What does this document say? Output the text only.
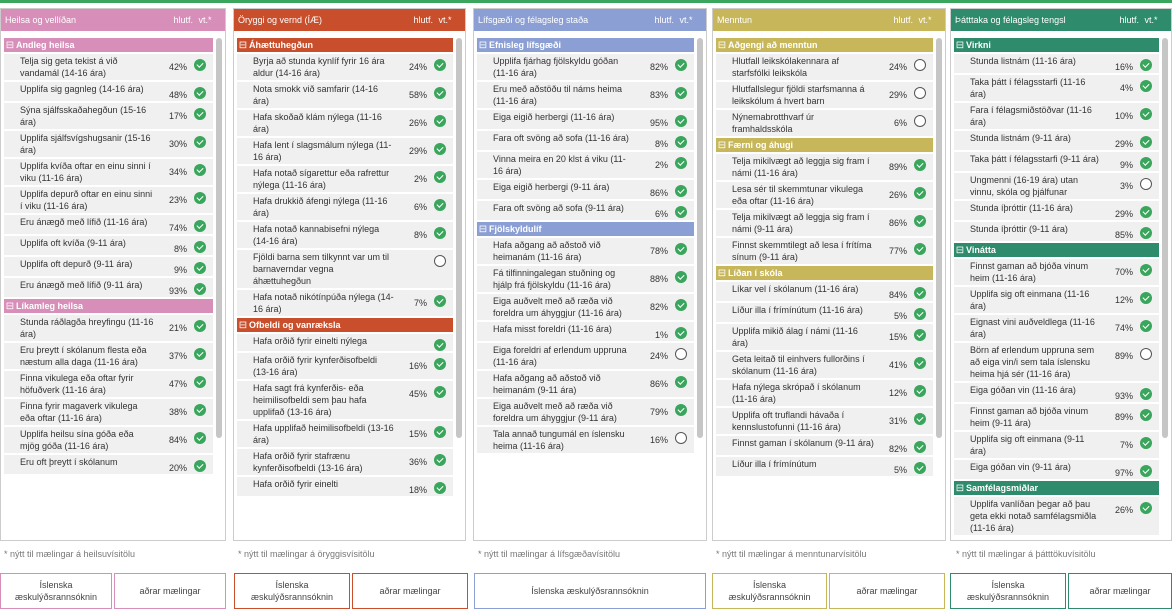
Heilsa og vellíðan	hlutf. vt.*
⊟ Andleg heilsa
Telja sig geta tekist á við vandamál (14-16 ára)
42%
Upplifa sig gagnleg (14-16 ára)
48%
Sýna sjálfsskaðahegðun (15-16 ára)
17%
Upplifa sjálfsvígshugsanir (15-16 ára)
30%
Upplifa kvíða oftar en einu sinni í viku (11-16 ára)
34%
Upplifa depurð oftar en einu sinni í viku (11-16 ára)
23%
Eru ánægð með lífið (11-16 ára)
74%
Upplifa oft kvíða (9-11 ára)
8%
Upplifa oft depurð (9-11 ára)
9%
Eru ánægð með lífið (9-11 ára)
93%
⊟ Líkamleg heilsa
Stunda ráðlagða hreyfingu (11-16 ára)
21%
Eru þreytt í skólanum flesta eða næstum alla daga (11-16 ára)
37%
Finna vikulega eða oftar fyrir höfuðverk (11-16 ára)
47%
Finna fyrir magaverk vikulega eða oftar (11-16 ára)
38%
Upplifa heilsu sína góða eða mjög góða (11-16 ára)
84%
Eru oft þreytt í skólanum
20%
* nýtt til mælingar á heilsuvísitölu
Íslenska æskulýðsrannsóknin
aðrar mælingar
Öryggi og vernd (ÍÆ)	hlutf. vt.*
⊟ Áhættuhegðun
Byrja að stunda kynlíf fyrir 16 ára aldur (14-16 ára)
24%
Nota smokk við samfarir (14-16 ára)
58%
Hafa skoðað klám nýlega (11-16 ára)
26%
Hafa lent í slagsmálum nýlega (11-16 ára)
29%
Hafa notað sígarettur eða rafrettur nýlega (11-16 ára)
2%
Hafa drukkið áfengi nýlega (11-16 ára)
6%
Hafa notað kannabisefni nýlega (14-16 ára)
8%
Fjöldi barna sem tilkynnt var um til barnaverndar vegna áhættuhegðun
Hafa notað nikótínpúða nýlega (14-16 ára)
7%
⊟ Ofbeldi og vanræksla
Hafa orðið fyrir einelti nýlega
Hafa orðið fyrir kynferðisofbeldi (13-16 ára)
16%
Hafa sagt frá kynferðis- eða heimilisofbeldi sem þau hafa upplifað (13-16 ára)
45%
Hafa upplifað heimilisofbeldi (13-16 ára)
15%
Hafa orðið fyrir stafrænu kynferðisofbeldi (13-16 ára)
36%
Hafa orðið fyrir einelti
18%
* nýtt til mælingar á öryggisvísitölu
Íslenska æskulýðsrannsóknin
aðrar mælingar
Lífsgæði og félagsleg staða	hlutf. vt.*
⊟ Efnisleg lífsgæði
Upplifa fjárhag fjölskyldu góðan (11-16 ára)
82%
Eru með aðstöðu til náms heima (11-16 ára)
83%
Eiga eigið herbergi (11-16 ára)
95%
Fara oft svöng að sofa (11-16 ára)
8%
Vinna meira en 20 klst á viku (11-16 ára)
2%
Eiga eigið herbergi (9-11 ára)
86%
Fara oft svöng að sofa (9-11 ára)
6%
⊟ Fjölskyldulíf
Hafa aðgang að aðstoð við heimanám (11-16 ára)
78%
Fá tilfinningalegan stuðning og hjálp frá fjölskyldu (11-16 ára)
88%
Eiga auðvelt með að ræða við foreldra um áhyggjur (11-16 ára)
82%
Hafa misst foreldri (11-16 ára)
1%
Eiga foreldri af erlendum uppruna (11-16 ára)
24%
Hafa aðgang að aðstoð við heimanám (9-11 ára)
86%
Eiga auðvelt með að ræða við foreldra um áhyggjur (9-11 ára)
79%
Tala annað tungumál en íslensku heima (11-16 ára)
16%
* nýtt til mælingar á lífsgæðavísitölu
Íslenska æskulýðsrannsóknin
Menntun	hlutf. vt.*
⊟ Aðgengi að menntun
Hlutfall leikskólakennara af starfsfólki leikskóla
24%
Hlutfallslegur fjöldi starfsmanna á leikskólum á hvert barn
29%
Nýnemabrotthvarf úr framhaldsskóla
6%
⊟ Færni og áhugi
Telja mikilvægt að leggja sig fram í námi (11-16 ára)
89%
Lesa sér til skemmtunar vikulega eða oftar (11-16 ára)
26%
Telja mikilvægt að leggja sig fram í námi (9-11 ára)
86%
Finnst skemmtilegt að lesa í frítíma sínum (9-11 ára)
77%
⊟ Líðan í skóla
Líkar vel í skólanum (11-16 ára)
84%
Líður illa í frímínútum (11-16 ára)
5%
Upplifa mikið álag í námi (11-16 ára)
15%
Geta leitað til einhvers fullorðins í skólanum (11-16 ára)
41%
Hafa nýlega skrópað í skólanum (11-16 ára)
12%
Upplifa oft truflandi hávaða í kennslustofunni (11-16 ára)
31%
Finnst gaman í skólanum (9-11 ára)
82%
Líður illa í frímínútum
5%
* nýtt til mælingar á menntunarvísitölu
Íslenska æskulýðsrannsóknin
aðrar mælingar
Þátttaka og félagsleg tengsl	hlutf. vt.*
⊟ Virkni
Stunda listnám (11-16 ára)
16%
Taka þátt í félagsstarfi (11-16 ára)
4%
Fara í félagsmiðstöðvar (11-16 ára)
10%
Stunda listnám (9-11 ára)
29%
Taka þátt í félagsstarfi (9-11 ára)
9%
Ungmenni (16-19 ára) utan vinnu, skóla og þjálfunar
3%
Stunda íþróttir (11-16 ára)
29%
Stunda íþróttir (9-11 ára)
85%
⊟ Vinátta
Finnst gaman að bjóða vinum heim (11-16 ára)
70%
Upplifa sig oft einmana (11-16 ára)
12%
Eignast vini auðveldlega (11-16 ára)
74%
Börn af erlendum uppruna sem að eiga vin/i sem tala íslensku heima hjá sér (11-16 ára)
89%
Eiga góðan vin (11-16 ára)
93%
Finnst gaman að bjóða vinum heim (9-11 ára)
89%
Upplifa sig oft einmana (9-11 ára)
7%
Eiga góðan vin (9-11 ára)
97%
⊟ Samfélagsmiðlar
Upplifa vanlíðan þegar að þau geta ekki notað samfélagsmiðla (11-16 ára)
26%
* nýtt til mælingar á þátttökuvísitölu
Íslenska æskulýðsrannsóknin
aðrar mælingar
